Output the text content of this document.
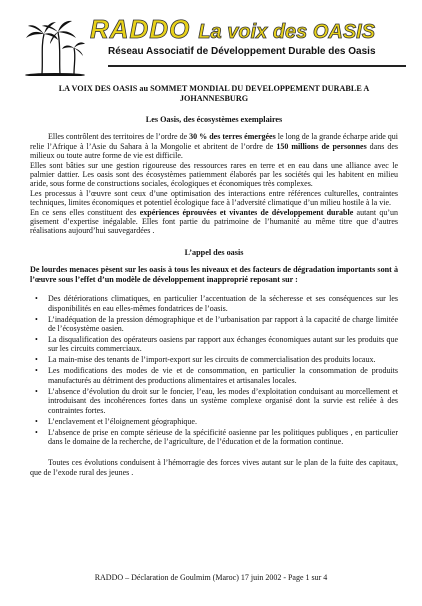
RADDO La voix des OASIS
Réseau Associatif de Développement Durable des Oasis
LA VOIX DES OASIS au SOMMET MONDIAL DU DEVELOPPEMENT DURABLE A JOHANNESBURG
Les Oasis, des écosystèmes exemplaires

Elles contrôlent des territoires de l’ordre de 30 % des terres émergées le long de la grande écharpe aride qui relie l’Afrique à l’Asie du Sahara à la Mongolie et abritent de l’ordre de 150 millions de personnes dans des milieux ou toute autre forme de vie est difficile.

Elles sont bâties sur une gestion rigoureuse des ressources rares en terre et en eau dans une alliance avec le palmier dattier. Les oasis sont des écosystèmes patiemment élaborés par les sociétés qui les habitent en milieu aride, sous forme de constructions sociales, écologiques et économiques très complexes.

Les processus à l’œuvre sont ceux d’une optimisation des interactions entre références culturelles, contraintes techniques, limites économiques et potentiel écologique face à l’adversité climatique d’un milieu hostile à la vie.

En ce sens elles constituent des expériences éprouvées et vivantes de développement durable autant qu’un gisement d’expertise inégalable. Elles font partie du patrimoine de l’humanité au même titre que d’autres réalisations aujourd’hui sauvegardées .

L’appel des oasis

De lourdes menaces pèsent sur les oasis à tous les niveaux et des facteurs de dégradation importants sont à l’œuvre sous l’effet d’un modèle de développement inapproprié reposant sur :

• Des détériorations climatiques, en particulier l’accentuation de la sécheresse et ses conséquences sur les disponibilités en eau elles-mêmes fondatrices de l’oasis.
• L’inadéquation de la pression démographique et de l’urbanisation par rapport à la capacité de charge limitée de l’écosystème oasien.
• La disqualification des opérateurs oasiens par rapport aux échanges économiques autant sur les produits que sur les circuits commerciaux.
• La main-mise des tenants de l’import-export sur les circuits de commercialisation des produits locaux.
• Les modifications des modes de vie et de consommation, en particulier la consommation de produits manufacturés au détriment des productions alimentaires et artisanales locales.
• L’absence d’évolution du droit sur le foncier, l’eau, les modes d’exploitation conduisant au morcellement et introduisant des incohérences fortes dans un système complexe organisé dont la survie est reliée à des contraintes fortes.
• L’enclavement et l’éloignement géographique.
• L’absence de prise en compte sérieuse de la spécificité oasienne par les politiques publiques , en particulier dans le domaine de la recherche, de l’agriculture, de l’éducation et de la formation continue.

Toutes ces évolutions conduisent à l’hémorragie des forces vives autant sur le plan de la fuite des capitaux, que de l’exode rural des jeunes .

RADDO – Déclaration de Goulmim (Maroc) 17 juin 2002 - Page 1 sur 4
